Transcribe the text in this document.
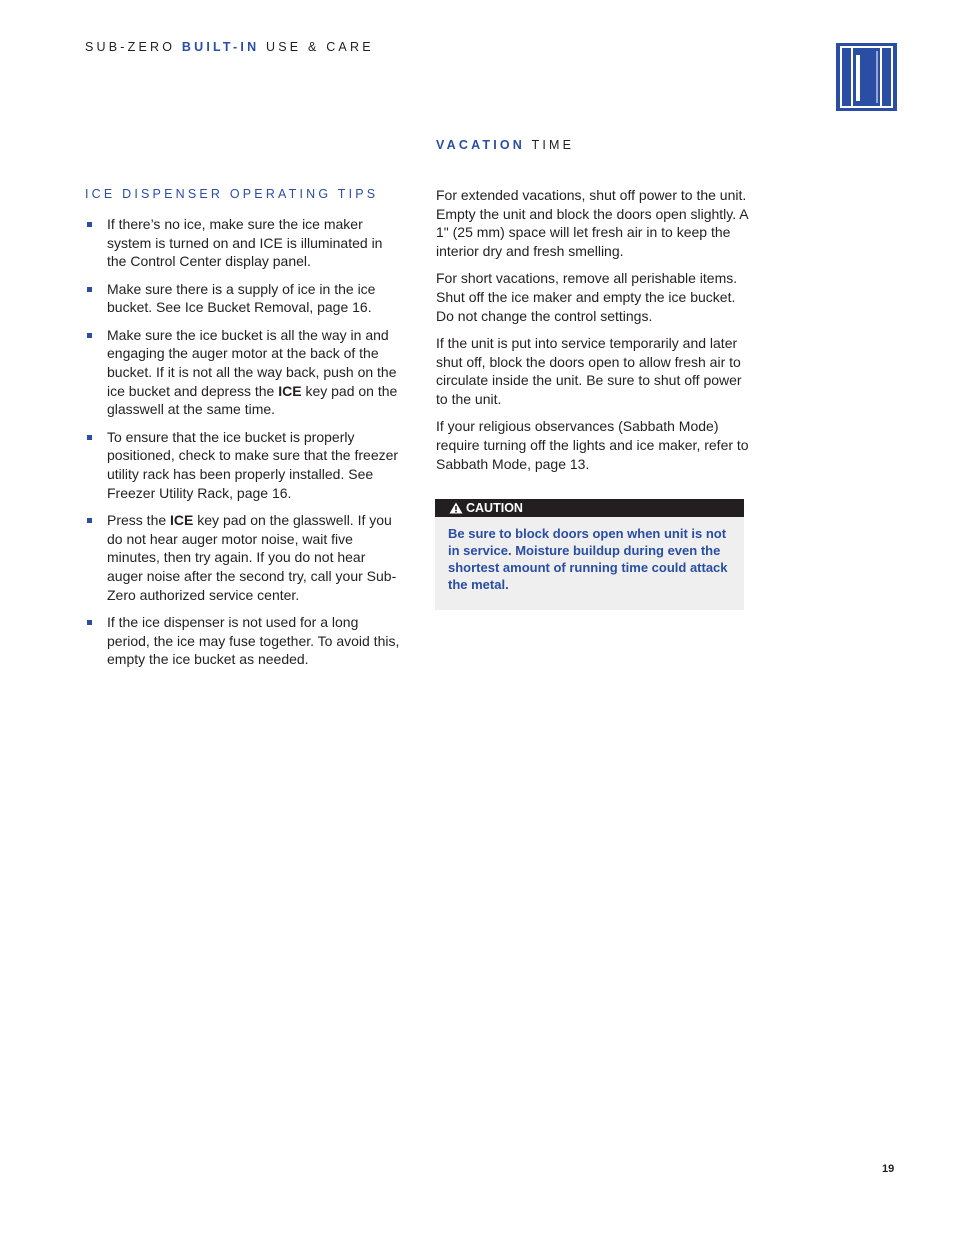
SUB-ZERO BUILT-IN USE & CARE
VACATION TIME
ICE DISPENSER OPERATING TIPS
If there’s no ice, make sure the ice maker system is turned on and ICE is illuminated in the Control Center display panel.
Make sure there is a supply of ice in the ice bucket. See Ice Bucket Removal, page 16.
Make sure the ice bucket is all the way in and engaging the auger motor at the back of the bucket. If it is not all the way back, push on the ice bucket and depress the ICE key pad on the glasswell at the same time.
To ensure that the ice bucket is properly positioned, check to make sure that the freezer utility rack has been properly installed. See Freezer Utility Rack, page 16.
Press the ICE key pad on the glasswell. If you do not hear auger motor noise, wait five minutes, then try again. If you do not hear auger noise after the second try, call your Sub-Zero authorized service center.
If the ice dispenser is not used for a long period, the ice may fuse together. To avoid this, empty the ice bucket as needed.

For extended vacations, shut off power to the unit. Empty the unit and block the doors open slightly. A 1" (25 mm) space will let fresh air in to keep the interior dry and fresh smelling.

For short vacations, remove all perishable items. Shut off the ice maker and empty the ice bucket. Do not change the control settings.

If the unit is put into service temporarily and later shut off, block the doors open to allow fresh air to circulate inside the unit. Be sure to shut off power to the unit.

If your religious observances (Sabbath Mode) require turning off the lights and ice maker, refer to Sabbath Mode, page 13.

CAUTION
Be sure to block doors open when unit is not in service. Moisture buildup during even the shortest amount of running time could attack the metal.
19
